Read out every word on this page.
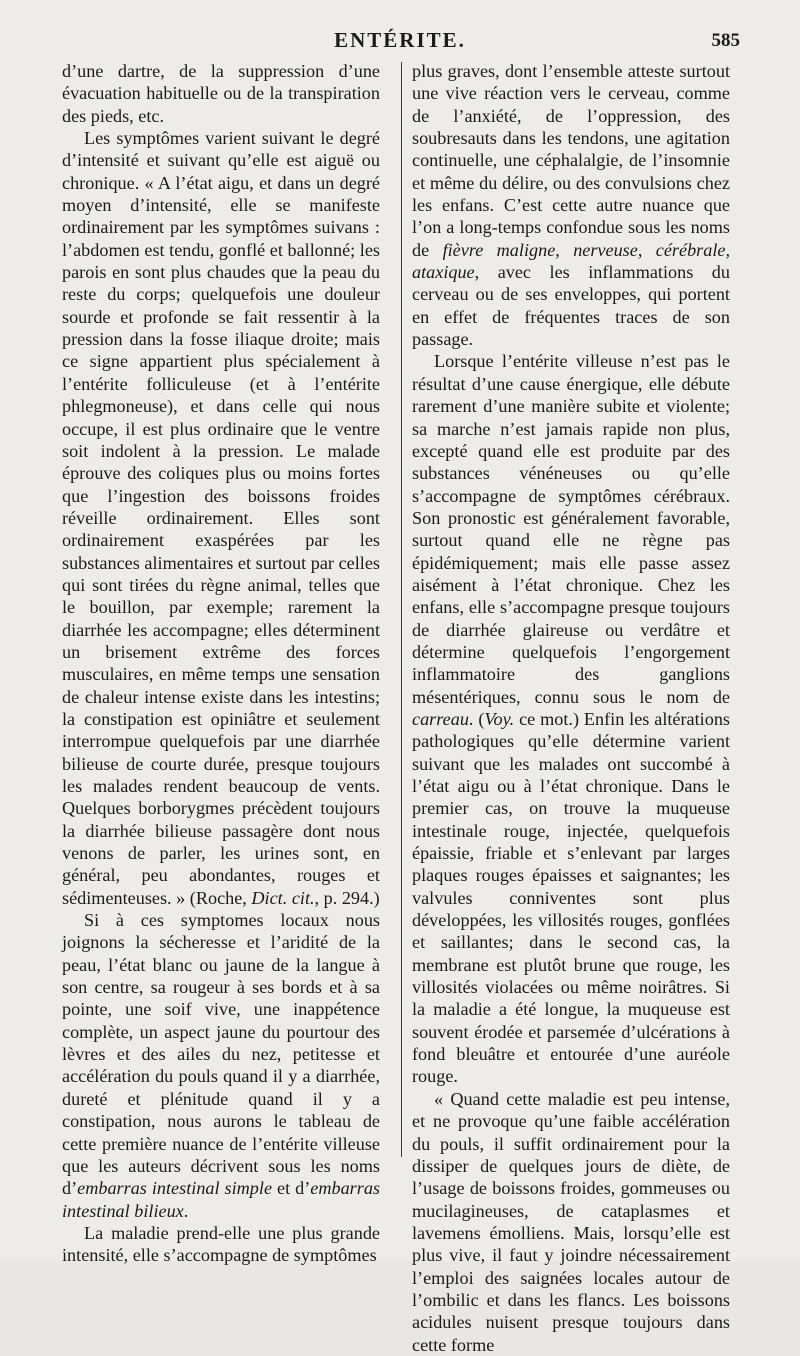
ENTÉRITE.	585

d’une dartre, de la suppression d’une évacuation habituelle ou de la transpiration des pieds, etc.

Les symptômes varient suivant le degré d’intensité et suivant qu’elle est aiguë ou chronique. « A l’état aigu, et dans un degré moyen d’intensité, elle se manifeste ordinairement par les symptômes suivans : l’abdomen est tendu, gonflé et ballonné; les parois en sont plus chaudes que la peau du reste du corps; quelquefois une douleur sourde et profonde se fait ressentir à la pression dans la fosse iliaque droite; mais ce signe appartient plus spécialement à l’entérite folliculeuse (et à l’entérite phlegmoneuse), et dans celle qui nous occupe, il est plus ordinaire que le ventre soit indolent à la pression. Le malade éprouve des coliques plus ou moins fortes que l’ingestion des boissons froides réveille ordinairement. Elles sont ordinairement exaspérées par les substances alimentaires et surtout par celles qui sont tirées du règne animal, telles que le bouillon, par exemple; rarement la diarrhée les accompagne; elles déterminent un brisement extrême des forces musculaires, en même temps une sensation de chaleur intense existe dans les intestins; la constipation est opiniâtre et seulement interrompue quelquefois par une diarrhée bilieuse de courte durée, presque toujours les malades rendent beaucoup de vents. Quelques borborygmes précèdent toujours la diarrhée bilieuse passagère dont nous venons de parler, les urines sont, en général, peu abondantes, rouges et sédimenteuses. » (Roche, Dict. cit., p. 294.)

Si à ces symptomes locaux nous joignons la sécheresse et l’aridité de la peau, l’état blanc ou jaune de la langue à son centre, sa rougeur à ses bords et à sa pointe, une soif vive, une inappétence complète, un aspect jaune du pourtour des lèvres et des ailes du nez, petitesse et accélération du pouls quand il y a diarrhée, dureté et plénitude quand il y a constipation, nous aurons le tableau de cette première nuance de l’entérite villeuse que les auteurs décrivent sous les noms d’embarras intestinal simple et d’embarras intestinal bilieux.

La maladie prend-elle une plus grande intensité, elle s’accompagne de symptômes

plus graves, dont l’ensemble atteste surtout une vive réaction vers le cerveau, comme de l’anxiété, de l’oppression, des soubresauts dans les tendons, une agitation continuelle, une céphalalgie, de l’insomnie et même du délire, ou des convulsions chez les enfans. C’est cette autre nuance que l’on a long-temps confondue sous les noms de fièvre maligne, nerveuse, cérébrale, ataxique, avec les inflammations du cerveau ou de ses enveloppes, qui portent en effet de fréquentes traces de son passage.

Lorsque l’entérite villeuse n’est pas le résultat d’une cause énergique, elle débute rarement d’une manière subite et violente; sa marche n’est jamais rapide non plus, excepté quand elle est produite par des substances vénéneuses ou qu’elle s’accompagne de symptômes cérébraux. Son pronostic est généralement favorable, surtout quand elle ne règne pas épidémiquement; mais elle passe assez aisément à l’état chronique. Chez les enfans, elle s’accompagne presque toujours de diarrhée glaireuse ou verdâtre et détermine quelquefois l’engorgement inflammatoire des ganglions mésentériques, connu sous le nom de carreau. (Voy. ce mot.) Enfin les altérations pathologiques qu’elle détermine varient suivant que les malades ont succombé à l’état aigu ou à l’état chronique. Dans le premier cas, on trouve la muqueuse intestinale rouge, injectée, quelquefois épaissie, friable et s’enlevant par larges plaques rouges épaisses et saignantes; les valvules conniventes sont plus développées, les villosités rouges, gonflées et saillantes; dans le second cas, la membrane est plutôt brune que rouge, les villosités violacées ou même noirâtres. Si la maladie a été longue, la muqueuse est souvent érodée et parsemée d’ulcérations à fond bleuâtre et entourée d’une auréole rouge.

« Quand cette maladie est peu intense, et ne provoque qu’une faible accélération du pouls, il suffit ordinairement pour la dissiper de quelques jours de diète, de l’usage de boissons froides, gommeuses ou mucilagineuses, de cataplasmes et lavemens émolliens. Mais, lorsqu’elle est plus vive, il faut y joindre nécessairement l’emploi des saignées locales autour de l’ombilic et dans les flancs. Les boissons acidules nuisent presque toujours dans cette forme
